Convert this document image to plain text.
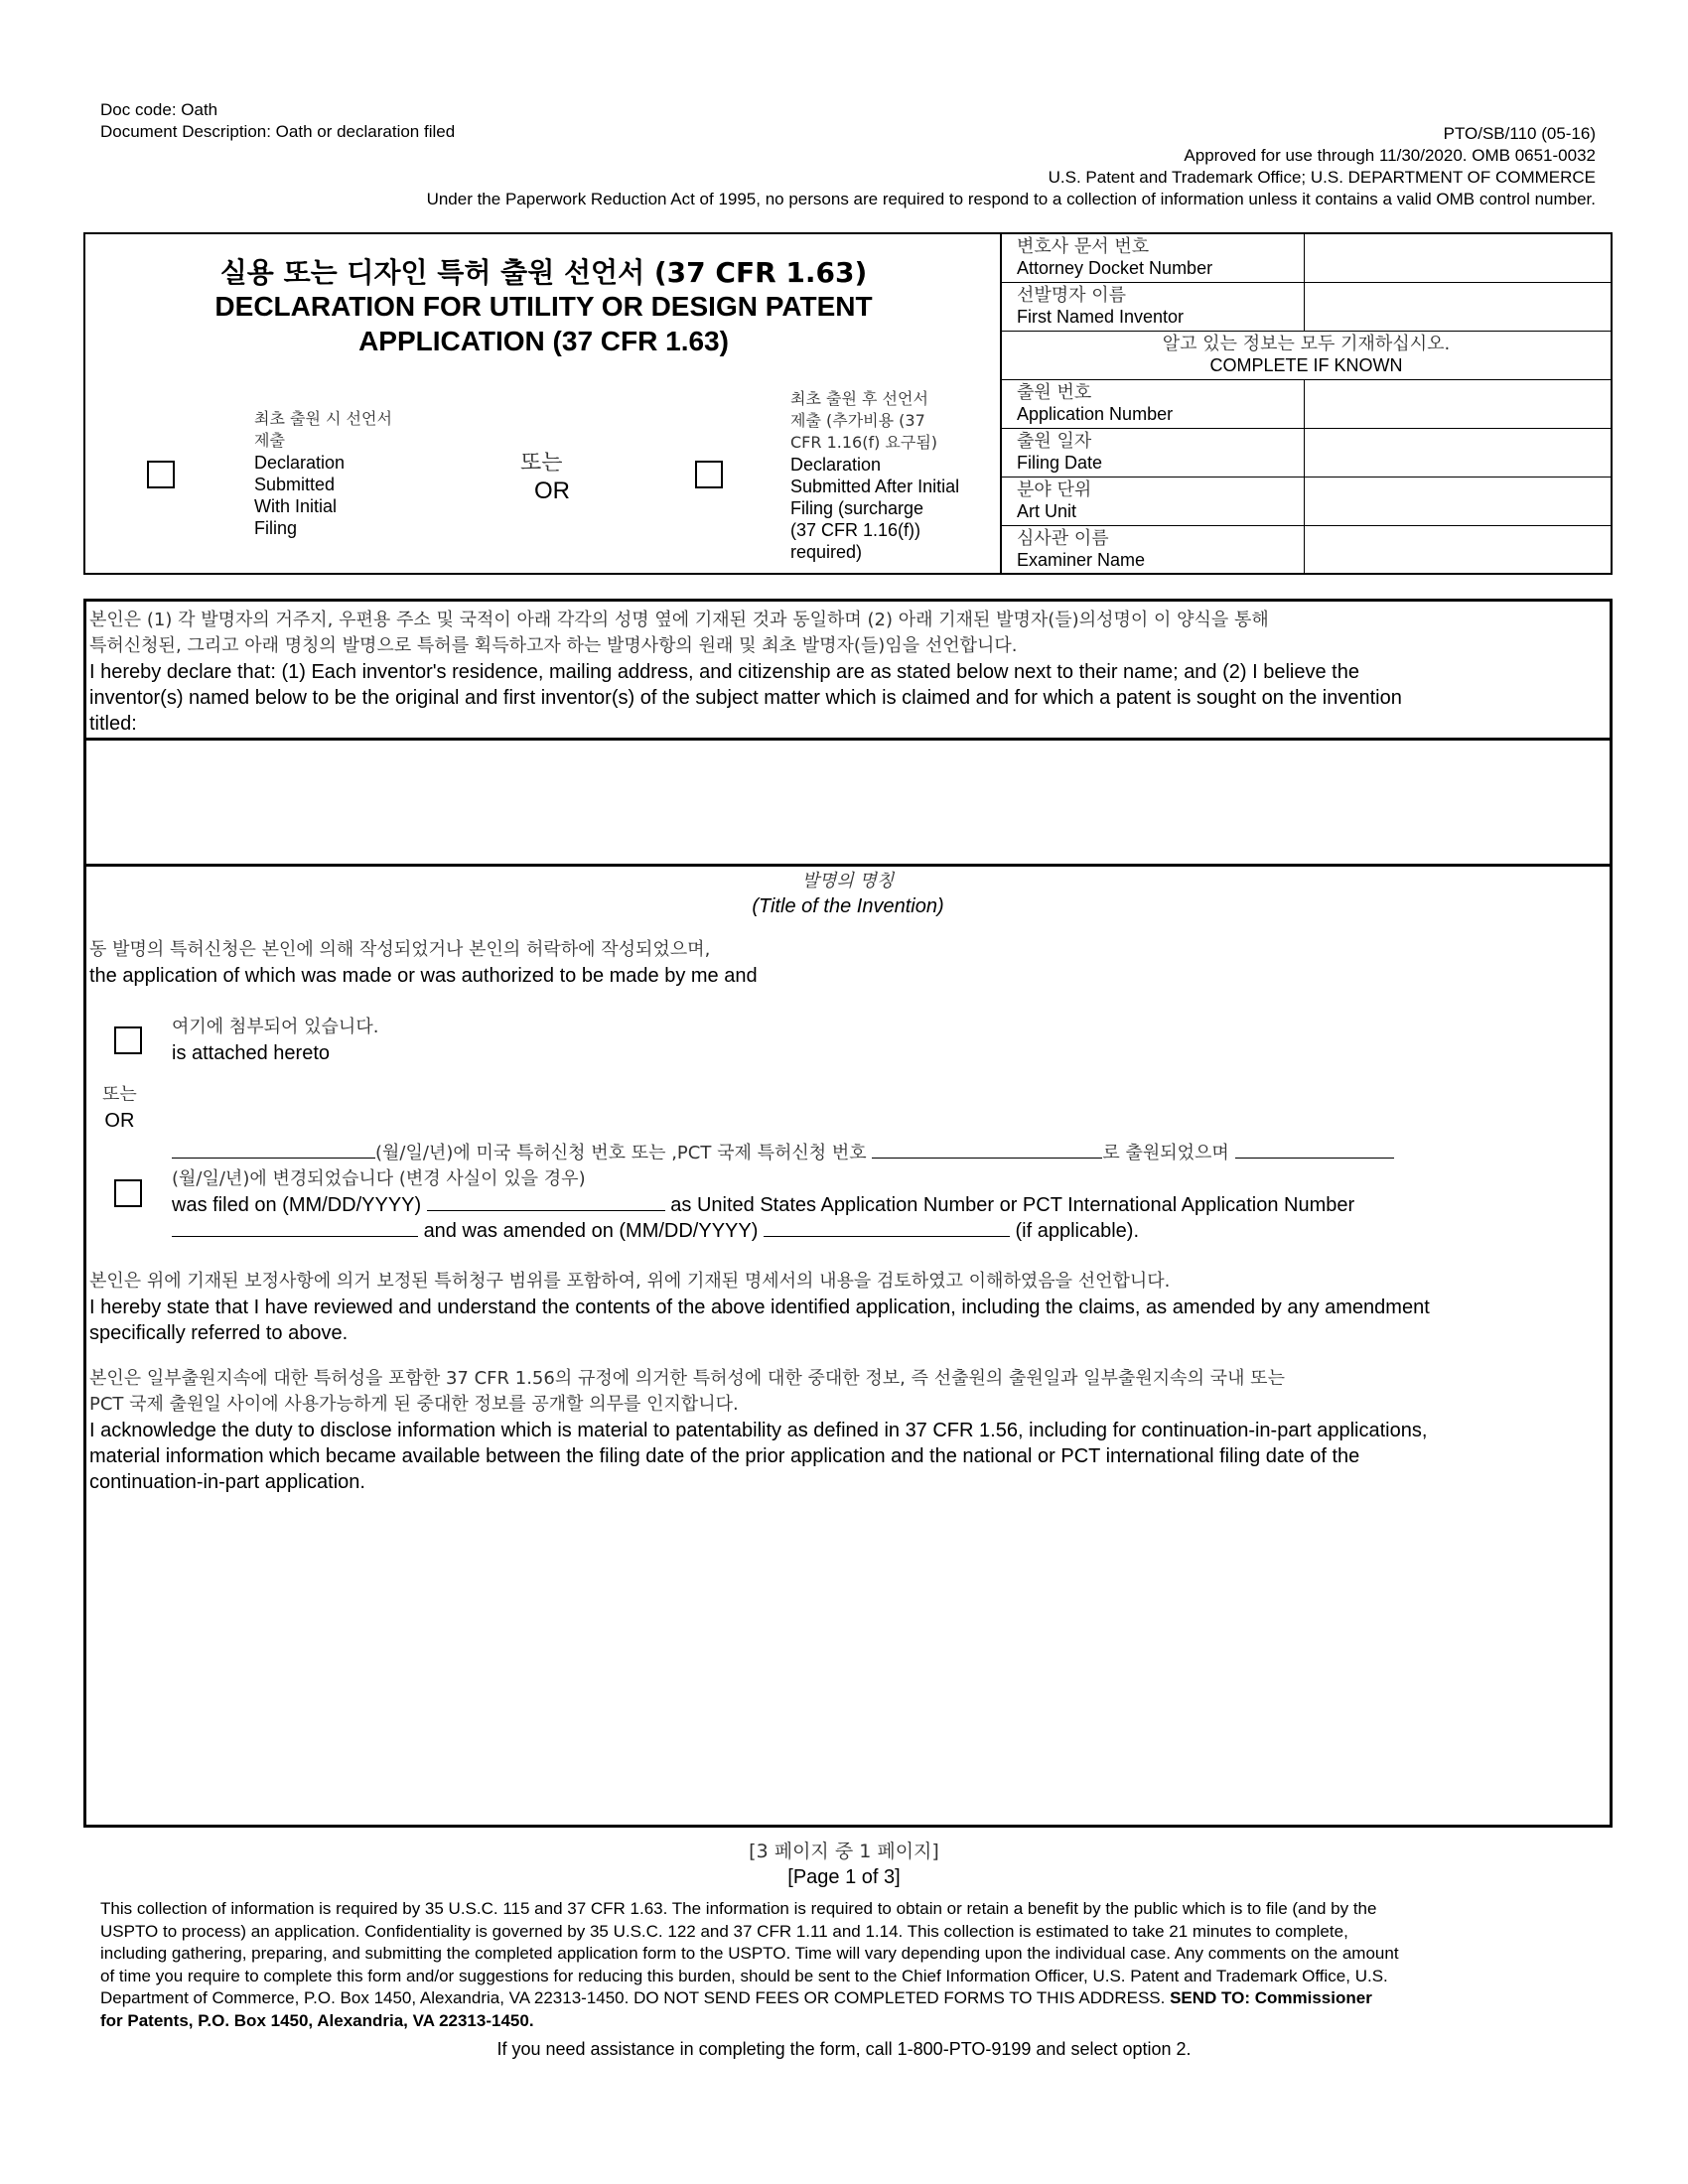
Doc code: Oath
Document Description: Oath or declaration filed	PTO/SB/110 (05-16)
Approved for use through 11/30/2020. OMB 0651-0032
U.S. Patent and Trademark Office; U.S. DEPARTMENT OF COMMERCE
Under the Paperwork Reduction Act of 1995, no persons are required to respond to a collection of information unless it contains a valid OMB control number.
실용 또는 디자인 특허 출원 선언서 (37 CFR 1.63)
DECLARATION FOR UTILITY OR DESIGN PATENT
APPLICATION (37 CFR 1.63)
최초 출원 시 선언서
제출
Declaration
Submitted
With Initial
Filing
또는
OR
최초 출원 후 선언서
제출 (추가비용 (37
CFR 1.16(f) 요구됨)
Declaration
Submitted After Initial
Filing (surcharge
(37 CFR 1.16(f))
required)
변호사 문서 번호
Attorney Docket Number
선발명자 이름
First Named Inventor
알고 있는 정보는 모두 기재하십시오.
COMPLETE IF KNOWN
출원 번호
Application Number
출원 일자
Filing Date
분야 단위
Art Unit
심사관 이름
Examiner Name
본인은 (1) 각 발명자의 거주지, 우편용 주소 및 국적이 아래 각각의 성명 옆에 기재된 것과 동일하며 (2) 아래 기재된 발명자(들)의성명이 이 양식을 통해
특허신청된, 그리고 아래 명칭의 발명으로 특허를 획득하고자 하는 발명사항의 원래 및 최초 발명자(들)임을 선언합니다.
I hereby declare that: (1) Each inventor's residence, mailing address, and citizenship are as stated below next to their name; and (2) I believe the
inventor(s) named below to be the original and first inventor(s) of the subject matter which is claimed and for which a patent is sought on the invention
titled:
발명의 명칭
(Title of the Invention)
동 발명의 특허신청은 본인에 의해 작성되었거나 본인의 허락하에 작성되었으며,
the application of which was made or was authorized to be made by me and
여기에 첨부되어 있습니다.
is attached hereto
또는
OR
(월/일/년)에 미국 특허신청 번호 또는 ,PCT 국제 특허신청 번호	로 출원되었으며
(월/일/년)에 변경되었습니다 (변경 사실이 있을 경우)
was filed on (MM/DD/YYYY)	as United States Application Number or PCT International Application Number
and was amended on (MM/DD/YYYY)	(if applicable).
본인은 위에 기재된 보정사항에 의거 보정된 특허청구 범위를 포함하여, 위에 기재된 명세서의 내용을 검토하였고 이해하였음을 선언합니다.
I hereby state that I have reviewed and understand the contents of the above identified application, including the claims, as amended by any amendment
specifically referred to above.
본인은 일부출원지속에 대한 특허성을 포함한 37 CFR 1.56의 규정에 의거한 특허성에 대한 중대한 정보, 즉 선출원의 출원일과 일부출원지속의 국내 또는
PCT 국제 출원일 사이에 사용가능하게 된 중대한 정보를 공개할 의무를 인지합니다.
I acknowledge the duty to disclose information which is material to patentability as defined in 37 CFR 1.56, including for continuation-in-part applications,
material information which became available between the filing date of the prior application and the national or PCT international filing date of the
continuation-in-part application.
[3 페이지 중 1 페이지]
[Page 1 of 3]
This collection of information is required by 35 U.S.C. 115 and 37 CFR 1.63. The information is required to obtain or retain a benefit by the public which is to file (and by the
USPTO to process) an application. Confidentiality is governed by 35 U.S.C. 122 and 37 CFR 1.11 and 1.14. This collection is estimated to take 21 minutes to complete,
including gathering, preparing, and submitting the completed application form to the USPTO. Time will vary depending upon the individual case. Any comments on the amount
of time you require to complete this form and/or suggestions for reducing this burden, should be sent to the Chief Information Officer, U.S. Patent and Trademark Office, U.S.
Department of Commerce, P.O. Box 1450, Alexandria, VA 22313-1450. DO NOT SEND FEES OR COMPLETED FORMS TO THIS ADDRESS. SEND TO: Commissioner
for Patents, P.O. Box 1450, Alexandria, VA 22313-1450.
If you need assistance in completing the form, call 1-800-PTO-9199 and select option 2.
